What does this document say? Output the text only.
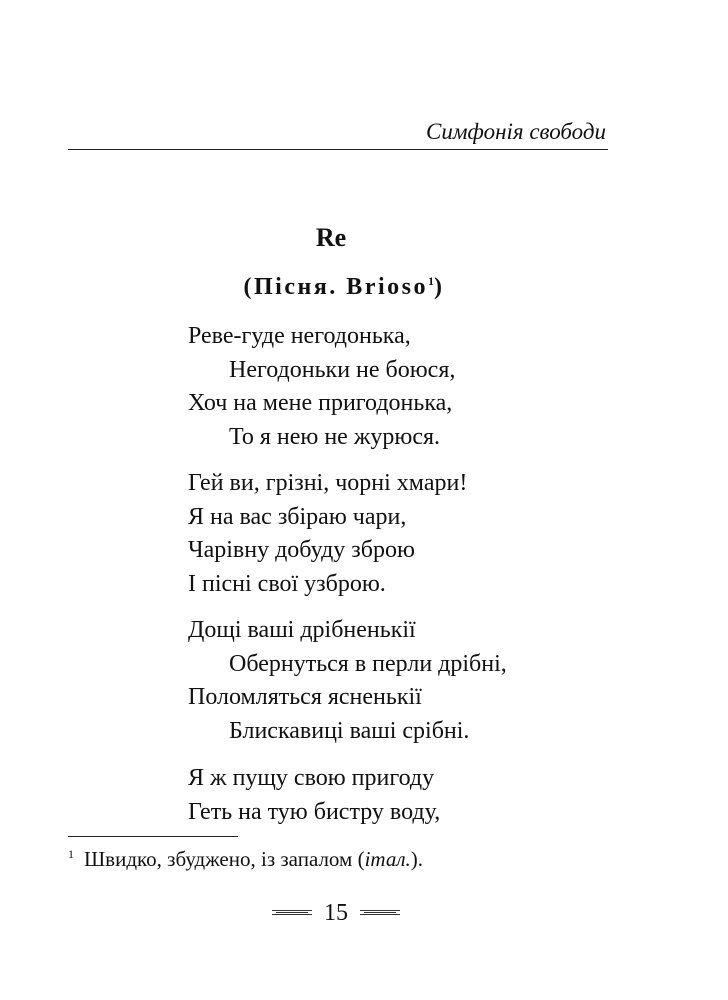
Симфонія свободи
Re
(Пісня. Brioso$^1$)
Реве-гуде негодонька,
Негодоньки не боюся,
Хоч на мене пригодонька,
То я нею не журюся.
Гей ви, грізні, чорні хмари!
Я на вас збіраю чари,
Чарівну добуду зброю
І пісні свої узброю.
Дощі ваші дрібненькії
Обернуться в перли дрібні,
Поломляться ясненькії
Блискавиці ваші срібні.
Я ж пущу свою пригоду
Геть на тую бистру воду,
$^1$ Швидко, збуджено, із запалом (італ.).
15
